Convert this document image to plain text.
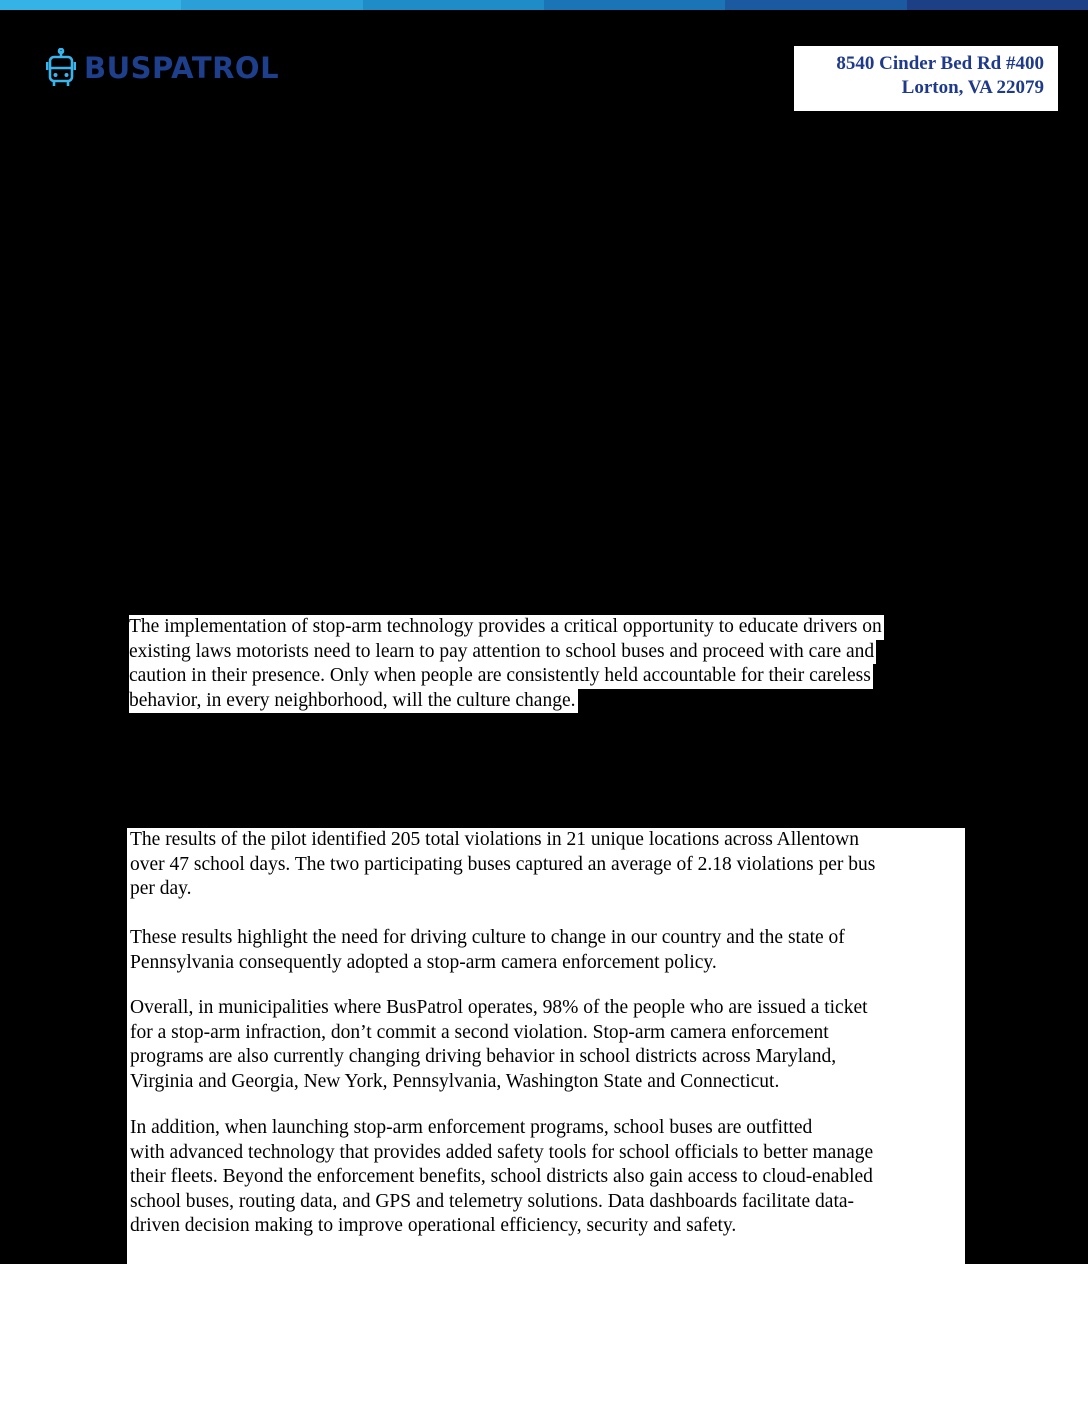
BUSPATROL	8540 Cinder Bed Rd #400
Lorton, VA 22079
The implementation of stop-arm technology provides a critical opportunity to educate drivers on
existing laws motorists need to learn to pay attention to school buses and proceed with care and
caution in their presence. Only when people are consistently held accountable for their careless
behavior, in every neighborhood, will the culture change.
The results of the pilot identified 205 total violations in 21 unique locations across Allentown
over 47 school days. The two participating buses captured an average of 2.18 violations per bus
per day.
These results highlight the need for driving culture to change in our country and the state of
Pennsylvania consequently adopted a stop-arm camera enforcement policy.
Overall, in municipalities where BusPatrol operates, 98% of the people who are issued a ticket
for a stop-arm infraction, don’t commit a second violation. Stop-arm camera enforcement
programs are also currently changing driving behavior in school districts across Maryland,
Virginia and Georgia, New York, Pennsylvania, Washington State and Connecticut.
In addition, when launching stop-arm enforcement programs, school buses are outfitted
with advanced technology that provides added safety tools for school officials to better manage
their fleets. Beyond the enforcement benefits, school districts also gain access to cloud-enabled
school buses, routing data, and GPS and telemetry solutions. Data dashboards facilitate data-
driven decision making to improve operational efficiency, security and safety.
